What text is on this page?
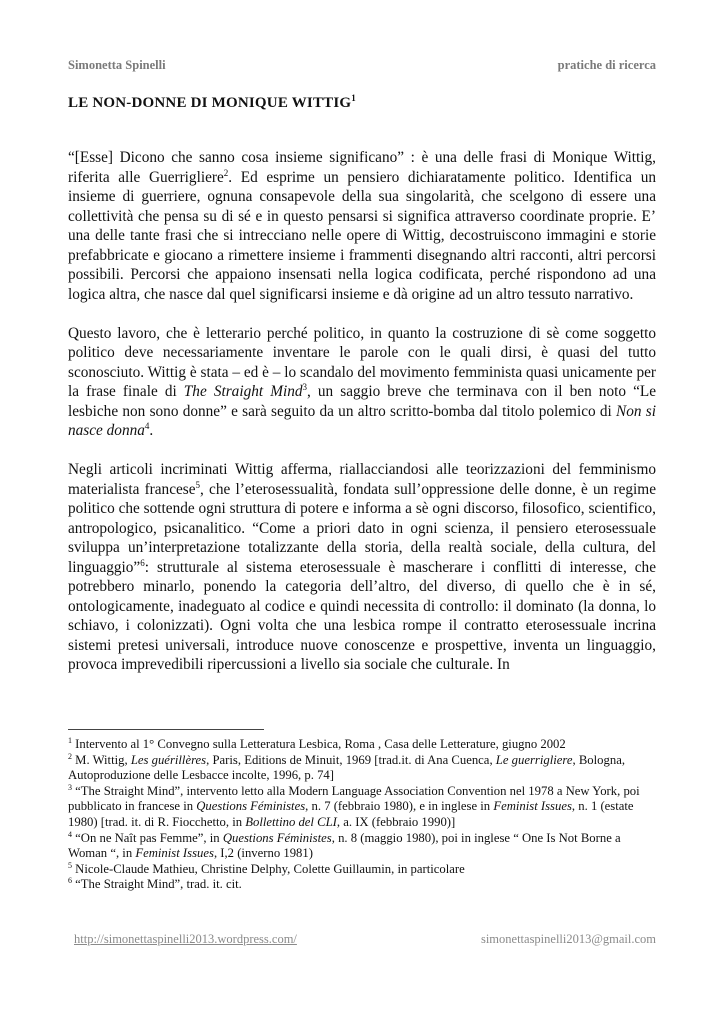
Simonetta Spinelli	pratiche di ricerca
LE NON-DONNE DI MONIQUE WITTIG$^1$

“[Esse] Dicono che sanno cosa insieme significano” : è una delle frasi di Monique Wittig, riferita alle Guerrigliere$^2$. Ed esprime un pensiero dichiaratamente politico. Identifica un insieme di guerriere, ognuna consapevole della sua singolarità, che scelgono di essere una collettività che pensa su di sé e in questo pensarsi si significa attraverso coordinate proprie. E’ una delle tante frasi che si intrecciano nelle opere di Wittig, decostruiscono immagini e storie prefabbricate e giocano a rimettere insieme i frammenti disegnando altri racconti, altri percorsi possibili. Percorsi che appaiono insensati nella logica codificata, perché rispondono ad una logica altra, che nasce dal quel significarsi insieme e dà origine ad un altro tessuto narrativo.

Questo lavoro, che è letterario perché politico, in quanto la costruzione di sè come soggetto politico deve necessariamente inventare le parole con le quali dirsi, è quasi del tutto sconosciuto. Wittig è stata – ed è – lo scandalo del movimento femminista quasi unicamente per la frase finale di The Straight Mind$^3$, un saggio breve che terminava con il ben noto “Le lesbiche non sono donne” e sarà seguito da un altro scritto-bomba dal titolo polemico di Non si nasce donna$^4$.

Negli articoli incriminati Wittig afferma, riallacciandosi alle teorizzazioni del femminismo materialista francese$^5$, che l’eterosessualità, fondata sull’oppressione delle donne, è un regime politico che sottende ogni struttura di potere e informa a sè ogni discorso, filosofico, scientifico, antropologico, psicanalitico. “Come a priori dato in ogni scienza, il pensiero eterosessuale sviluppa un’interpretazione totalizzante della storia, della realtà sociale, della cultura, del linguaggio”$^6$: strutturale al sistema eterosessuale è mascherare i conflitti di interesse, che potrebbero minarlo, ponendo la categoria dell’altro, del diverso, di quello che è in sé, ontologicamente, inadeguato al codice e quindi necessita di controllo: il dominato (la donna, lo schiavo, i colonizzati). Ogni volta che una lesbica rompe il contratto eterosessuale incrina sistemi pretesi universali, introduce nuove conoscenze e prospettive, inventa un linguaggio, provoca imprevedibili ripercussioni a livello sia sociale che culturale. In

$^1$ Intervento al 1° Convegno sulla Letteratura Lesbica, Roma , Casa delle Letterature, giugno 2002

$^2$ M. Wittig, Les guérillères, Paris, Editions de Minuit, 1969 [trad.it. di Ana Cuenca, Le guerrigliere, Bologna, Autoproduzione delle Lesbacce incolte, 1996, p. 74]

$^3$ “The Straight Mind”, intervento letto alla Modern Language Association Convention nel 1978 a New York, poi pubblicato in francese in Questions Féministes, n. 7 (febbraio 1980), e in inglese in Feminist Issues, n. 1 (estate 1980) [trad. it. di R. Fiocchetto, in Bollettino del CLI, a. IX (febbraio 1990)]

$^4$ “On ne Naît pas Femme”, in Questions Féministes, n. 8 (maggio 1980), poi in inglese “ One Is Not Borne a Woman “, in Feminist Issues, I,2 (inverno 1981)

$^5$ Nicole-Claude Mathieu, Christine Delphy, Colette Guillaumin, in particolare

$^6$ “The Straight Mind”, trad. it. cit.

http://simonettaspinelli2013.wordpress.com/	simonettaspinelli2013@gmail.com
